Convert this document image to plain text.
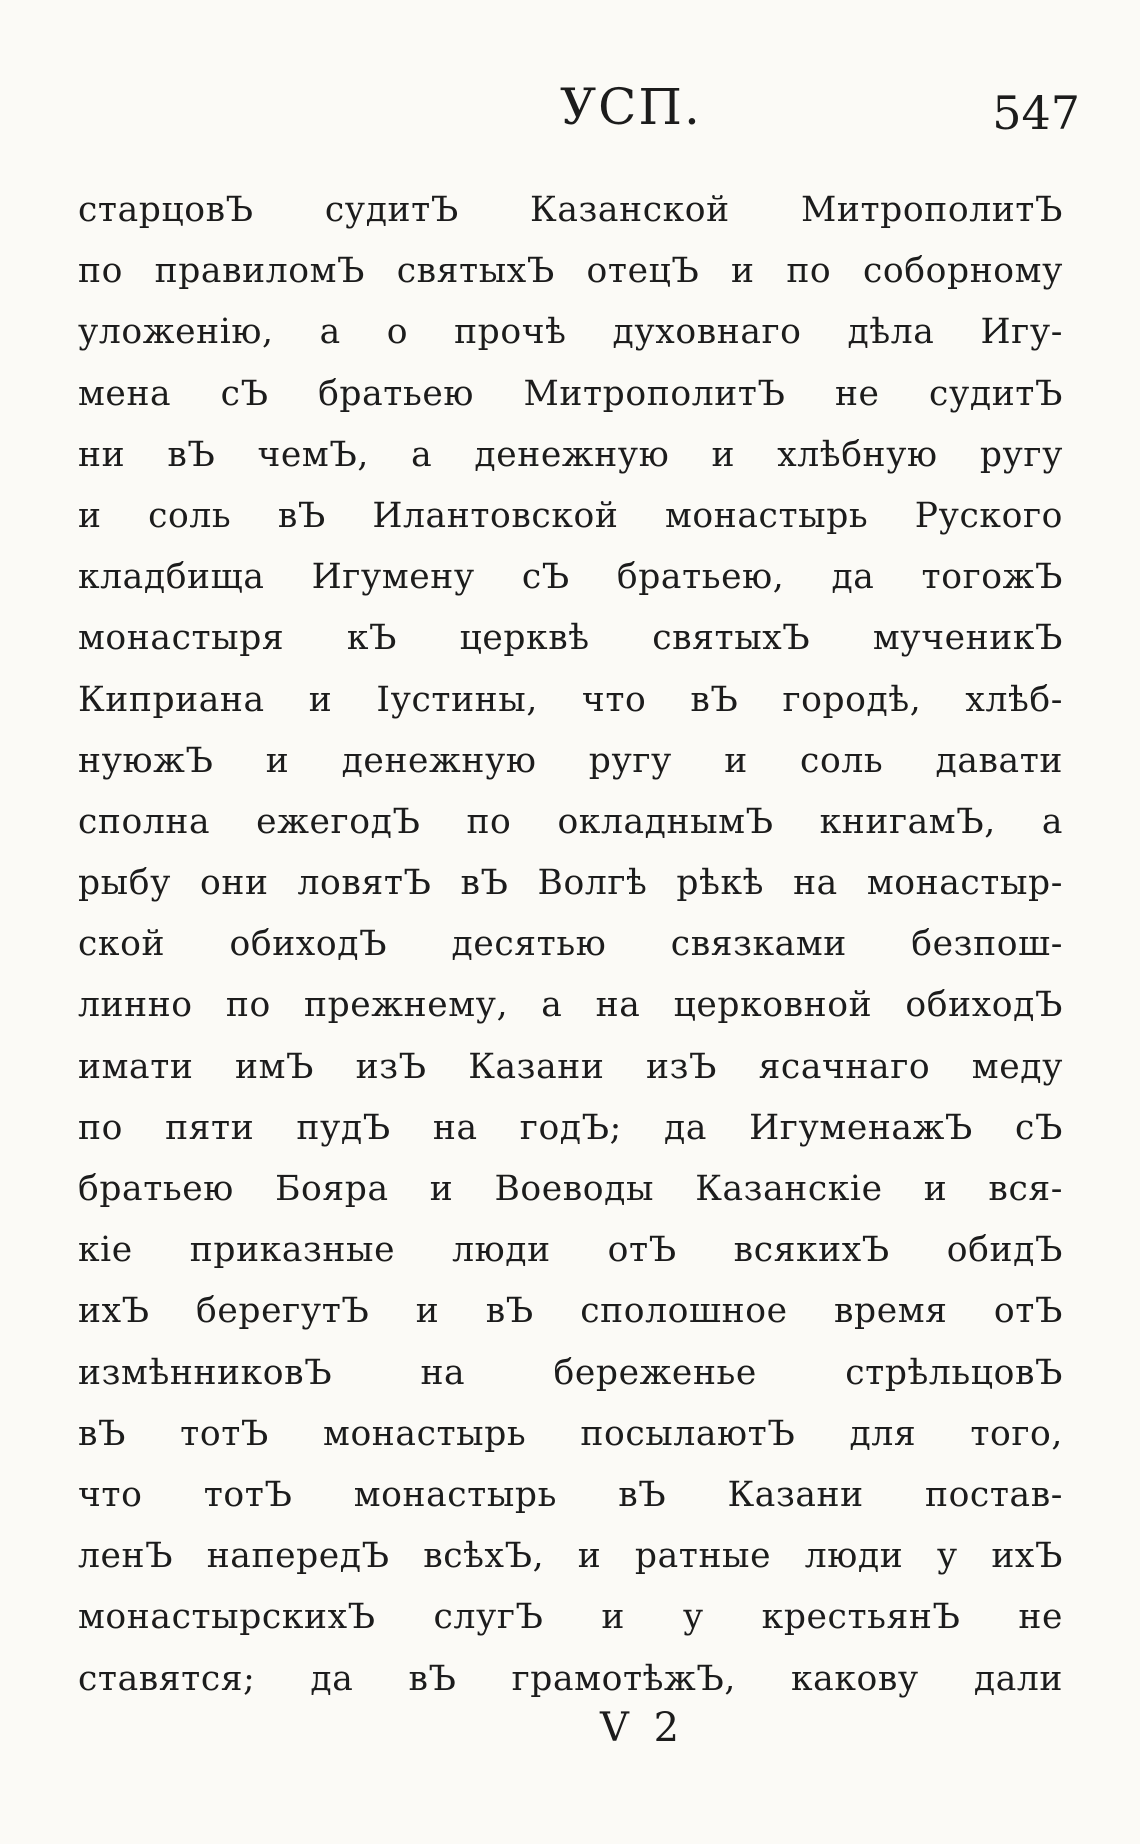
УСП.	547
старцовЪ судитЪ Казанской МитрополитЪ
по правиломЪ святыхЪ отецЪ и по соборному
уложенію, а о прочѣ духовнаго дѣла Игу-
мена сЪ братьею МитрополитЪ не судитЪ
ни вЪ чемЪ, а денежную и хлѣбную ругу
и соль вЪ Илантовской монастырь Руского
кладбища Игумену сЪ братьею, да тогожЪ
монастыря кЪ церквѣ святыхЪ мученикЪ
Киприана и Іустины, что вЪ городѣ, хлѣб-
нуюжЪ и денежную ругу и соль давати
сполна ежегодЪ по окладнымЪ книгамЪ, а
рыбу они ловятЪ вЪ Волгѣ рѣкѣ на монастыр-
ской обиходЪ десятью связками безпош-
линно по прежнему, а на церковной обиходЪ
имати имЪ изЪ Казани изЪ ясачнаго меду
по пяти пудЪ на годЪ; да ИгуменажЪ сЪ
братьею Бояра и Воеводы Казанскіе и вся-
кіе приказные люди отЪ всякихЪ обидЪ
ихЪ берегутЪ и вЪ сполошное время отЪ
измѣнниковЪ на береженье стрѣльцовЪ
вЪ тотЪ монастырь посылаютЪ для того,
что тотЪ монастырь вЪ Казани постав-
ленЪ напередЪ всѣхЪ, и ратные люди у ихЪ
монастырскихЪ слугЪ и у крестьянЪ не
ставятся; да вЪ грамотѣжЪ, какову дали
V 2
